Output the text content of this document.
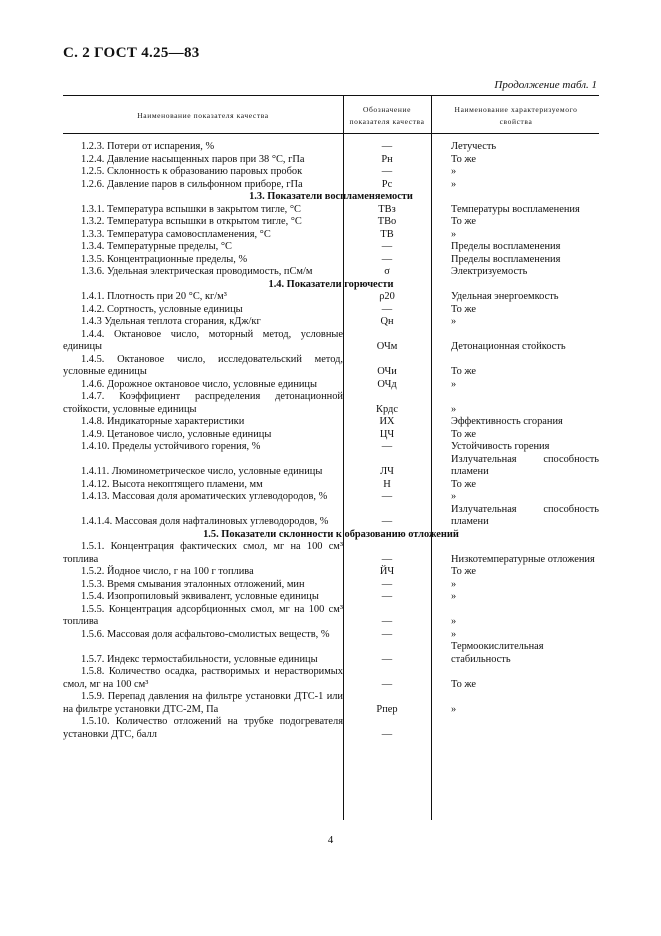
С. 2 ГОСТ 4.25—83
Продолжение табл. 1
Наименование показателя качества
Обозначение показателя качества
Наименование характеризуемого свойства
1.2.3. Потери от испарения, %	—	Летучесть
1.2.4. Давление насыщенных паров при 38 °С, гПа	Рн	То же
1.2.5. Склонность к образованию паровых пробок	—	»
1.2.6. Давление паров в сильфонном приборе, гПа	Рс	»
1.3. Показатели воспламеняемости
1.3.1. Температура вспышки в закрытом тигле, °С	ТВз	Температуры воспламенения
1.3.2. Температура вспышки в открытом тигле, °С	ТВо	То же
1.3.3. Температура самовоспламенения, °С	ТВ	»
1.3.4. Температурные пределы, °С	—	Пределы воспламенения
1.3.5. Концентрационные пределы, %	—	Пределы воспламенения
1.3.6. Удельная электрическая проводимость, пСм/м	σ	Электризуемость
1.4. Показатели горючести
1.4.1. Плотность при 20 °С, кг/м³	ρ20	Удельная энергоемкость
1.4.2. Сортность, условные единицы	—	То же
1.4.3 Удельная теплота сгорания, кДж/кг	Qн	»
1.4.4. Октановое число, моторный метод, условные единицы	ОЧм	Детонационная стойкость
1.4.5. Октановое число, исследовательский метод, условные единицы	ОЧи	То же
1.4.6. Дорожное октановое число, условные единицы	ОЧд	»
1.4.7. Коэффициент распределения детонационной стойкости, условные единицы	Крдс	»
1.4.8. Индикаторные характеристики	ИХ	Эффективность сгорания
1.4.9. Цетановое число, условные единицы	ЦЧ	То же
1.4.10. Пределы устойчивого горения, %	—	Устойчивость горения
1.4.11. Люминометрическое число, условные единицы	ЛЧ
Излучательная способность пламени
1.4.12. Высота некоптящего пламени, мм	Н	То же
1.4.13. Массовая доля ароматических углеводородов, %	—	»
1.4.1.4. Массовая доля нафталиновых углеводородов, %	—
Излучательная способность пламени
1.5. Показатели склонности к образованию отложений
1.5.1. Концентрация фактических смол, мг на 100 см³ топлива	—	Низкотемпературные отложения
1.5.2. Йодное число, г на 100 г топлива	ЙЧ	То же
1.5.3. Время смывания эталонных отложений, мин	—	»
1.5.4. Изопропиловый эквивалент, условные единицы	—	»
1.5.5. Концентрация адсорбционных смол, мг на 100 см³ топлива	—	»
1.5.6. Массовая доля асфальтово-смолистых веществ, %	—	»
1.5.7. Индекс термостабильности, условные единицы	—
Термоокислительная стабильность
1.5.8. Количество осадка, растворимых и нерастворимых смол, мг на 100 см³	—	То же
1.5.9. Перепад давления на фильтре установки ДТС-1 или на фильтре установки ДТС-2М, Па	Рпер	»
1.5.10. Количество отложений на трубке подогревателя установки ДТС, балл	—
4
